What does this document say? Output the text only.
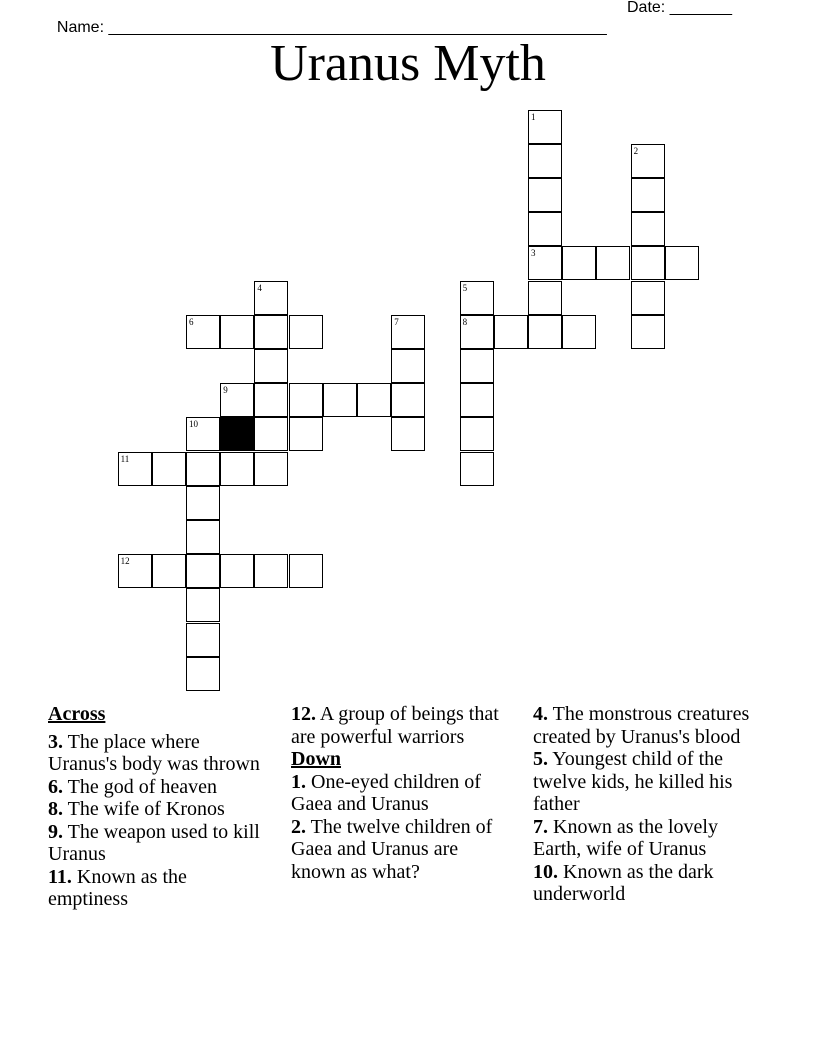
Name: ________________________________________________________

Date: _______

Uranus Myth
1
3
2
4
6
5
8
7
9
10
11
12
Across
3. The place where Uranus's body was thrown
6. The god of heaven
8. The wife of Kronos
9. The weapon used to kill Uranus
11. Known as the emptiness
12. A group of beings that are powerful warriors
Down
1. One-eyed children of Gaea and Uranus
2. The twelve children of Gaea and Uranus are known as what?
4. The monstrous creatures created by Uranus's blood
5. Youngest child of the twelve kids, he killed his father
7. Known as the lovely Earth, wife of Uranus
10. Known as the dark underworld
